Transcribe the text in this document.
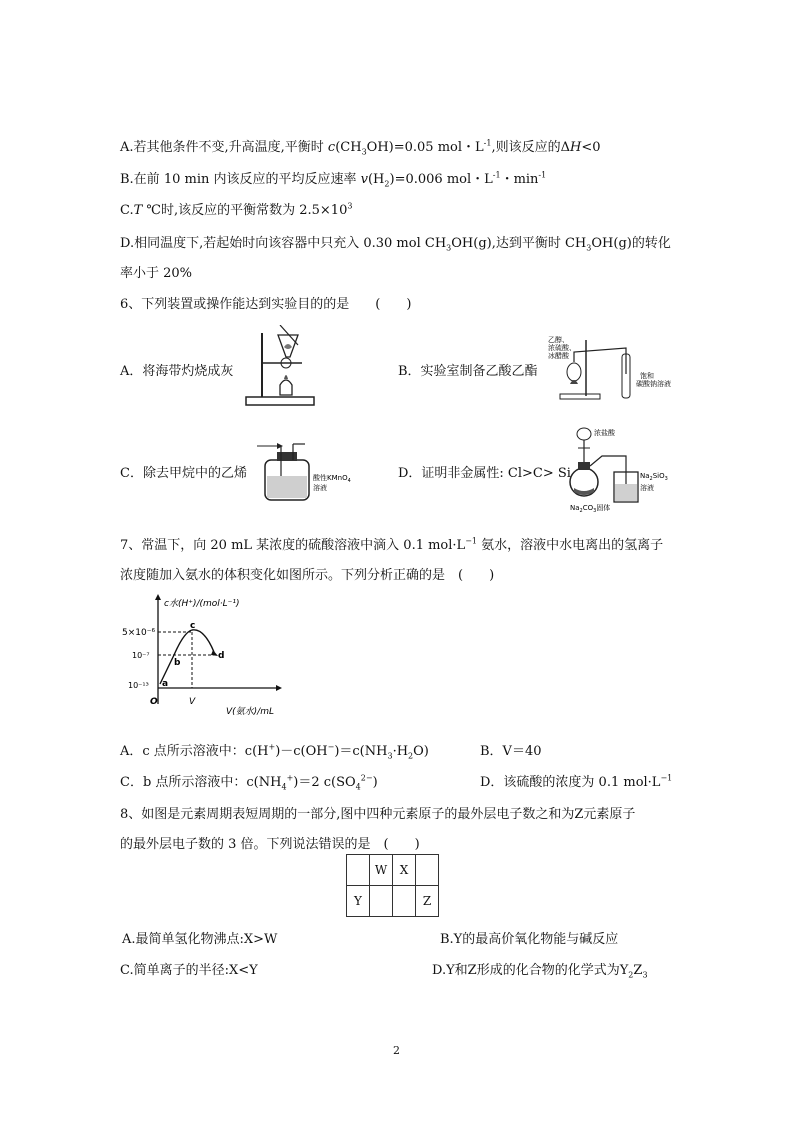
A.若其他条件不变,升高温度,平衡时 $c(CH_3OH)=0.05$ mol・$L^{-1}$,则该反应的ΔH<0
B.在前 10 min 内该反应的平均反应速率 $v(H_2)=0.006$ mol・$L^{-1}$・$\min^{-1}$
C.T ℃时,该反应的平衡常数为 $2.5\times 10^3$
D.相同温度下,若起始时向该容器中只充入 0.30 mol $CH_3OH(g)$,达到平衡时 $CH_3OH(g)$的转化
率小于 20%
6、下列装置或操作能达到实验目的的是　　(　　)
A．将海带灼烧成灰	B．实验室制备乙酸乙酯
乙醇、
浓硫酸、
冰醋酸
饱和
碳酸钠溶液
C．除去甲烷中的乙烯	酸性KMnO$_4$
溶液
D．证明非金属性: Cl>C> Si
浓盐酸
$Na_2SiO_3$
溶液
$Na_2CO_3$固体
7、常温下，向 20 mL 某浓度的硫酸溶液中滴入 0.1 $mol\cdot L^{-1}$ 氨水，溶液中水电离出的氢离子
浓度随加入氨水的体积变化如图所示。下列分析正确的是　(　　)
c水(H⁺)/(mol·L⁻¹)
V(氨水)/mL
O	V
5×10⁻⁶
10⁻⁷
10⁻¹³ a
b
c
d
A．c 点所示溶液中：$c(H^+)-c(OH^-)=c(NH_3\cdot H_2O)$	B．V＝40
C．b 点所示溶液中：$c(NH_4^+)=2$ $c(SO_4^{2-})$	D．该硫酸的浓度为 0.1 $mol\cdot L^{-1}$
8、如图是元素周期表短周期的一部分,图中四种元素原子的最外层电子数之和为Z元素原子
的最外层电子数的 3 倍。下列说法错误的是　(　　)
	W	X	
Y			Z
A.最简单氢化物沸点:X>W	B.Y的最高价氧化物能与碱反应
C.简单离子的半径:X<Y	D.Y和Z形成的化合物的化学式为$Y_2Z_3$
2
